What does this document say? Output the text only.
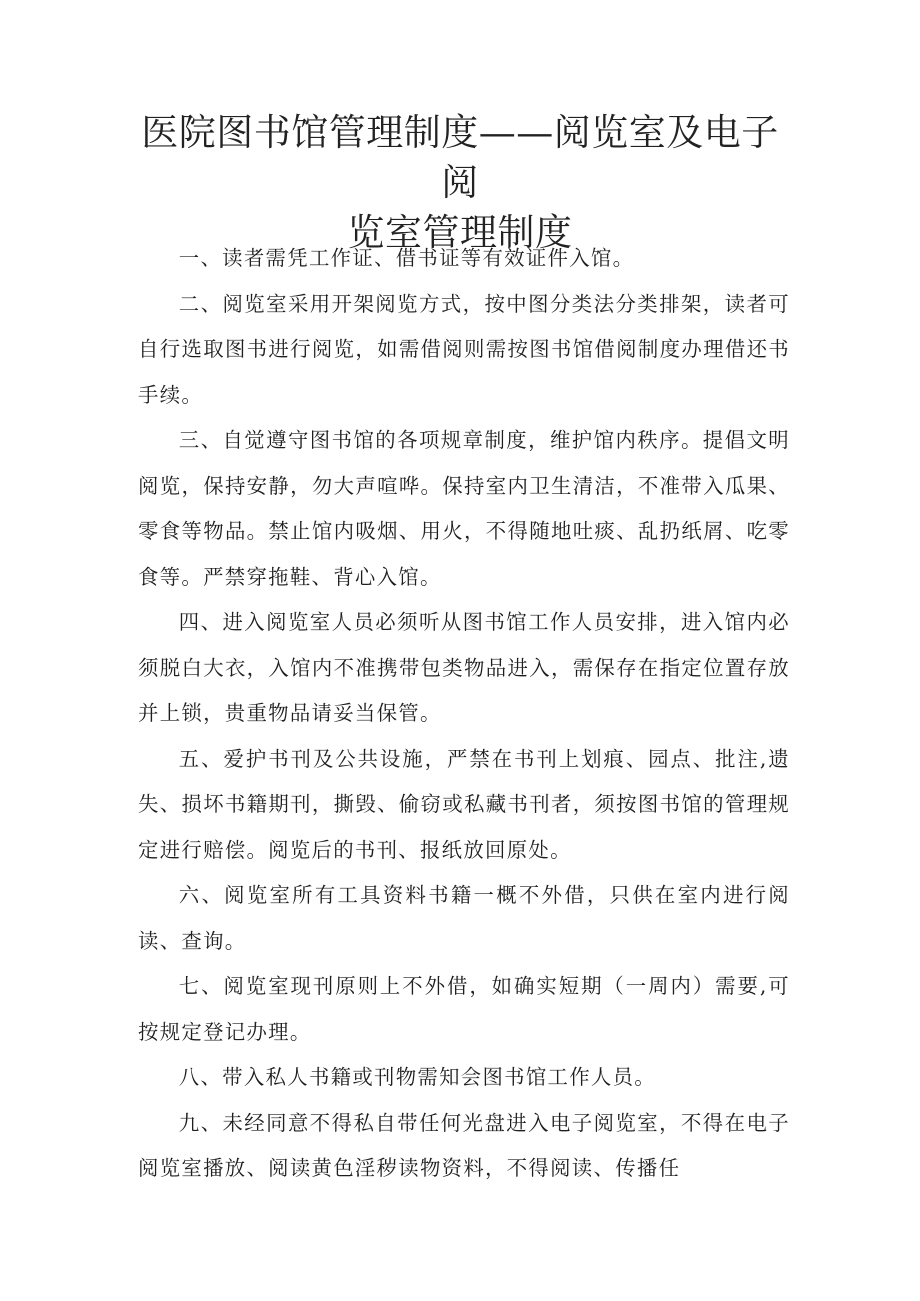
医院图书馆管理制度——阅览室及电子阅
览室管理制度

一、读者需凭工作证、借书证等有效证件入馆。

二、阅览室采用开架阅览方式，按中图分类法分类排架，读者可自行选取图书进行阅览，如需借阅则需按图书馆借阅制度办理借还书手续。

三、自觉遵守图书馆的各项规章制度，维护馆内秩序。提倡文明阅览，保持安静，勿大声喧哗。保持室内卫生清洁，不准带入瓜果、零食等物品。禁止馆内吸烟、用火，不得随地吐痰、乱扔纸屑、吃零食等。严禁穿拖鞋、背心入馆。

四、进入阅览室人员必须听从图书馆工作人员安排，进入馆内必须脱白大衣，入馆内不准携带包类物品进入，需保存在指定位置存放并上锁，贵重物品请妥当保管。

五、爱护书刊及公共设施，严禁在书刊上划痕、园点、批注,遗失、损坏书籍期刊，撕毁、偷窃或私藏书刊者，须按图书馆的管理规定进行赔偿。阅览后的书刊、报纸放回原处。

六、阅览室所有工具资料书籍一概不外借，只供在室内进行阅读、查询。

七、阅览室现刊原则上不外借，如确实短期（一周内）需要,可按规定登记办理。

八、带入私人书籍或刊物需知会图书馆工作人员。

九、未经同意不得私自带任何光盘进入电子阅览室，不得在电子阅览室播放、阅读黄色淫秽读物资料，不得阅读、传播任
